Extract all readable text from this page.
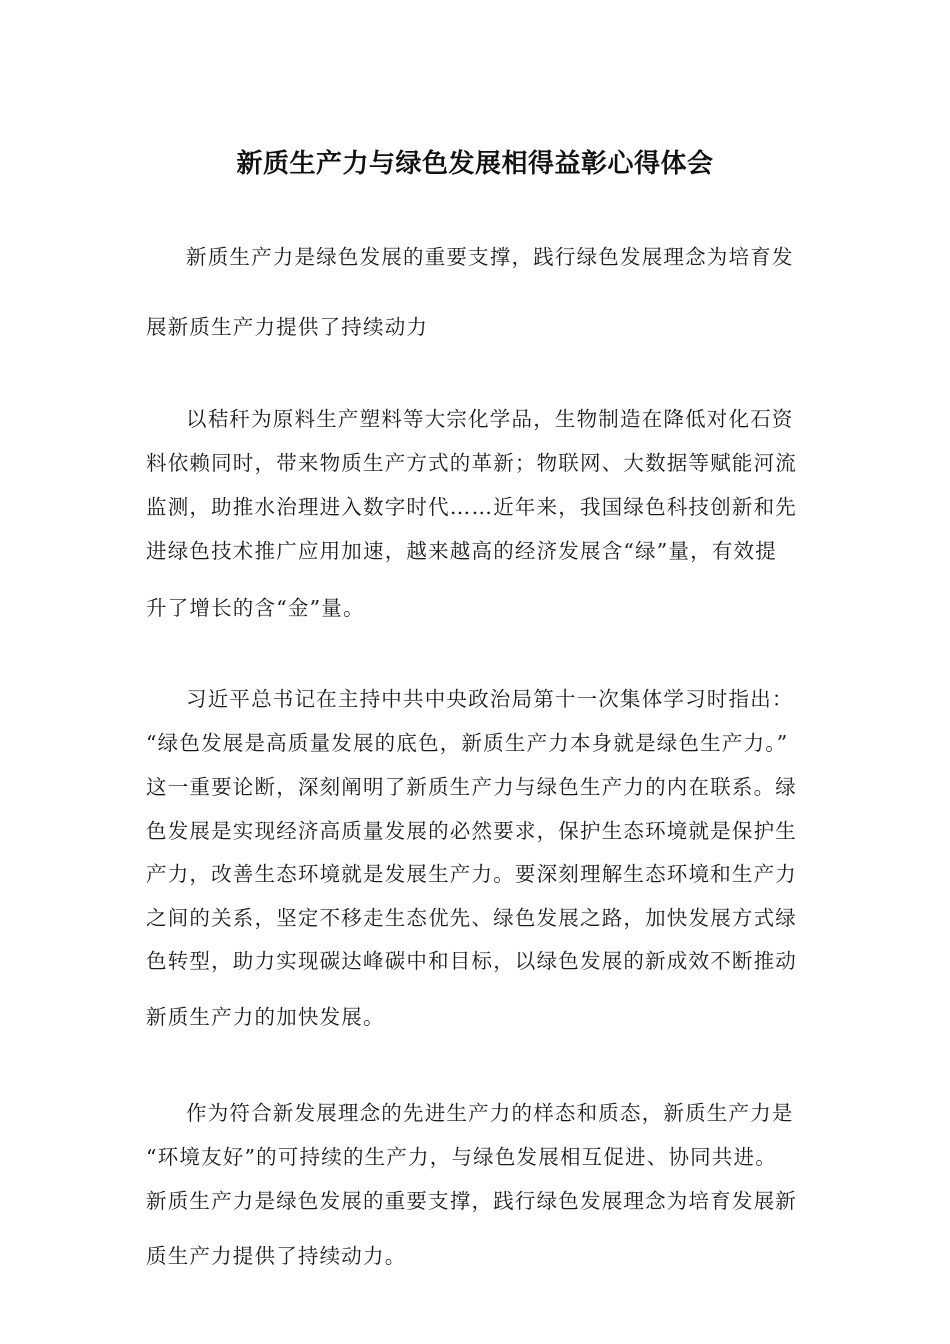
新质生产力与绿色发展相得益彰心得体会
新质生产力是绿色发展的重要支撑，践行绿色发展理念为培育发
展新质生产力提供了持续动力
以秸秆为原料生产塑料等大宗化学品，生物制造在降低对化石资
料依赖同时，带来物质生产方式的革新；物联网、大数据等赋能河流
监测，助推水治理进入数字时代……近年来，我国绿色科技创新和先
进绿色技术推广应用加速，越来越高的经济发展含“绿”量，有效提
升了增长的含“金”量。
习近平总书记在主持中共中央政治局第十一次集体学习时指出：
“绿色发展是高质量发展的底色，新质生产力本身就是绿色生产力。”
这一重要论断，深刻阐明了新质生产力与绿色生产力的内在联系。绿
色发展是实现经济高质量发展的必然要求，保护生态环境就是保护生
产力，改善生态环境就是发展生产力。要深刻理解生态环境和生产力
之间的关系，坚定不移走生态优先、绿色发展之路，加快发展方式绿
色转型，助力实现碳达峰碳中和目标，以绿色发展的新成效不断推动
新质生产力的加快发展。
作为符合新发展理念的先进生产力的样态和质态，新质生产力是
“环境友好”的可持续的生产力，与绿色发展相互促进、协同共进。
新质生产力是绿色发展的重要支撑，践行绿色发展理念为培育发展新
质生产力提供了持续动力。
